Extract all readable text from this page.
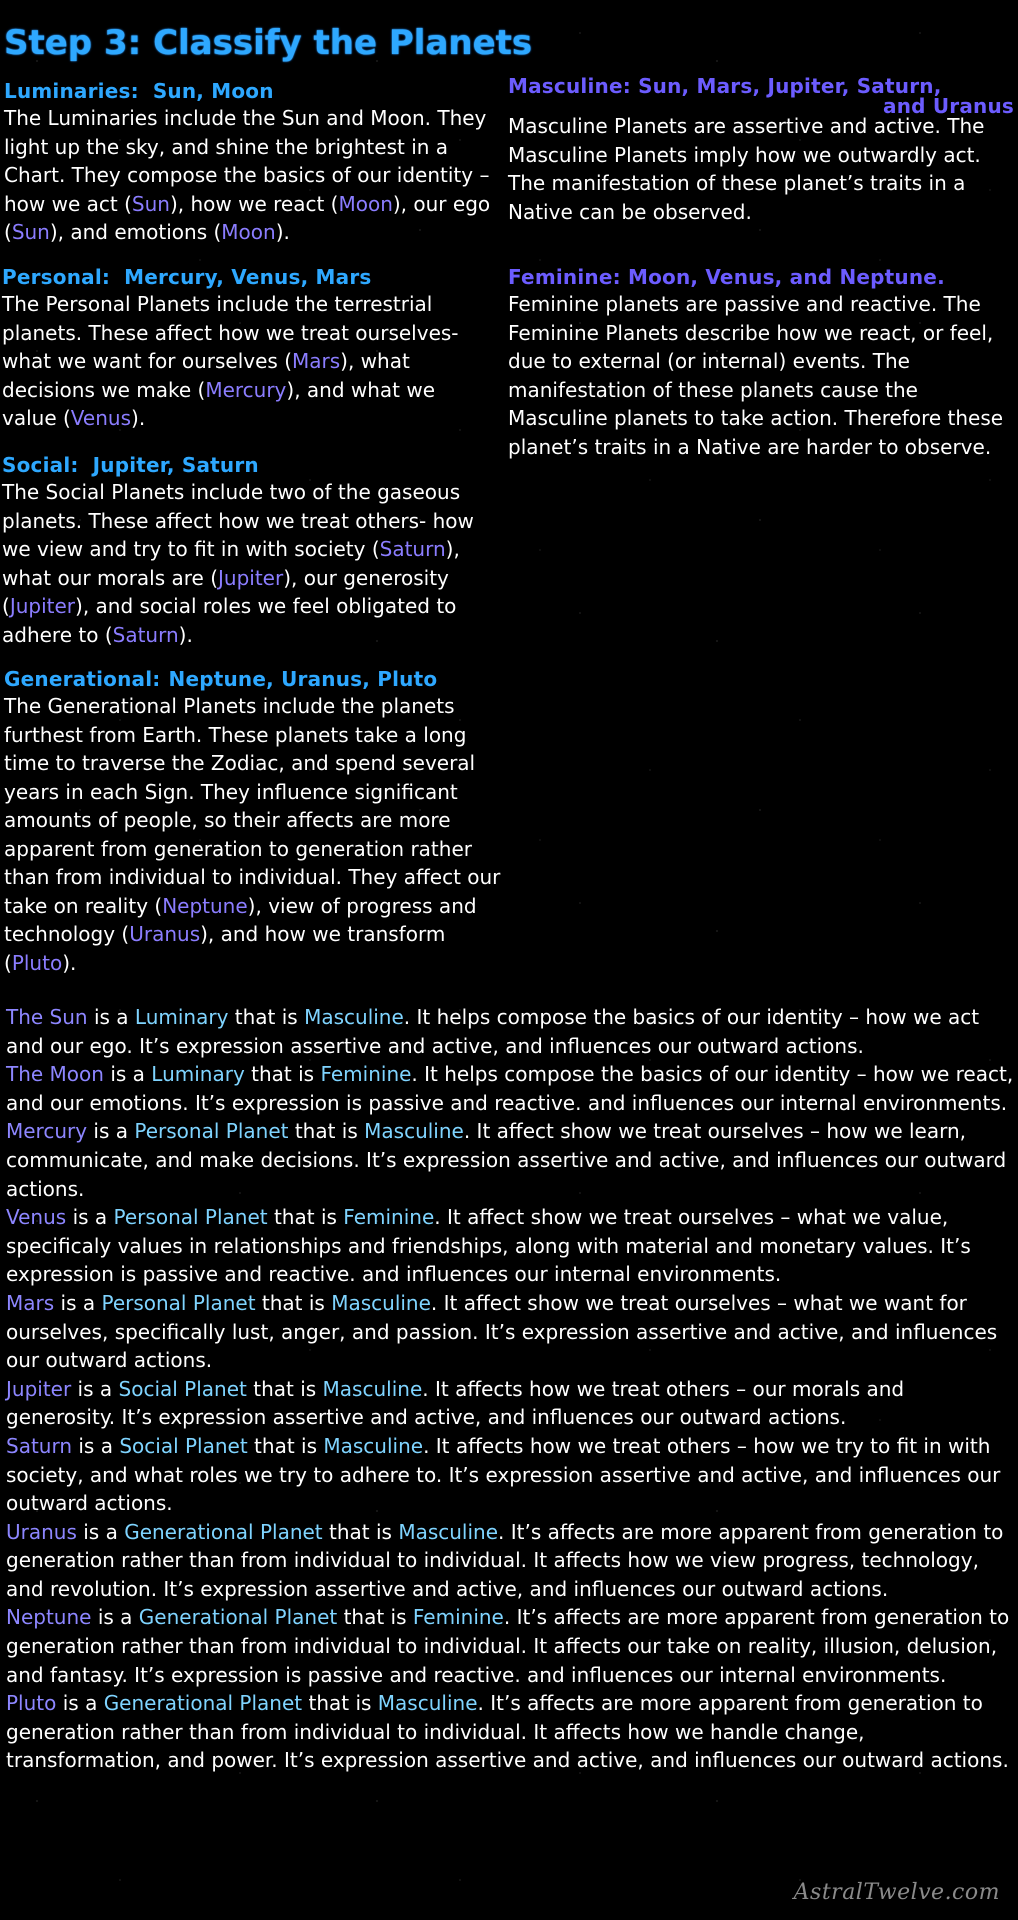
Step 3: Classify the Planets
Luminaries: Sun, Moon

The Luminaries include the Sun and Moon. They light up the sky, and shine the brightest in a Chart. They compose the basics of our identity – how we act (Sun), how we react (Moon), our ego (Sun), and emotions (Moon).

Personal: Mercury, Venus, Mars

The Personal Planets include the terrestrial planets. These affect how we treat ourselves- what we want for ourselves (Mars), what decisions we make (Mercury), and what we value (Venus).

Social: Jupiter, Saturn

The Social Planets include two of the gaseous planets. These affect how we treat others- how we view and try to fit in with society (Saturn), what our morals are (Jupiter), our generosity (Jupiter), and social roles we feel obligated to adhere to (Saturn).

Generational: Neptune, Uranus, Pluto

The Generational Planets include the planets furthest from Earth. These planets take a long time to traverse the Zodiac, and spend several years in each Sign. They influence significant amounts of people, so their affects are more apparent from generation to generation rather than from individual to individual. They affect our take on reality (Neptune), view of progress and technology (Uranus), and how we transform (Pluto).

Masculine: Sun, Mars, Jupiter, Saturn,
and Uranus

Masculine Planets are assertive and active. The Masculine Planets imply how we outwardly act. The manifestation of these planet’s traits in a Native can be observed.

Feminine: Moon, Venus, and Neptune.

Feminine planets are passive and reactive. The Feminine Planets describe how we react, or feel, due to external (or internal) events. The manifestation of these planets cause the Masculine planets to take action. Therefore these planet’s traits in a Native are harder to observe.

The Sun is a Luminary that is Masculine. It helps compose the basics of our identity – how we act and our ego. It’s expression assertive and active, and influences our outward actions.

The Moon is a Luminary that is Feminine. It helps compose the basics of our identity – how we react, and our emotions. It’s expression is passive and reactive. and influences our internal environments.

Mercury is a Personal Planet that is Masculine. It affect show we treat ourselves – how we learn, communicate, and make decisions. It’s expression assertive and active, and influences our outward actions.

Venus is a Personal Planet that is Feminine. It affect show we treat ourselves – what we value, specificaly values in relationships and friendships, along with material and monetary values. It’s expression is passive and reactive. and influences our internal environments.

Mars is a Personal Planet that is Masculine. It affect show we treat ourselves – what we want for ourselves, specifically lust, anger, and passion. It’s expression assertive and active, and influences our outward actions.

Jupiter is a Social Planet that is Masculine. It affects how we treat others – our morals and generosity. It’s expression assertive and active, and influences our outward actions.

Saturn is a Social Planet that is Masculine. It affects how we treat others – how we try to fit in with society, and what roles we try to adhere to. It’s expression assertive and active, and influences our outward actions.

Uranus is a Generational Planet that is Masculine. It’s affects are more apparent from generation to generation rather than from individual to individual. It affects how we view progress, technology, and revolution. It’s expression assertive and active, and influences our outward actions.

Neptune is a Generational Planet that is Feminine. It’s affects are more apparent from generation to generation rather than from individual to individual. It affects our take on reality, illusion, delusion, and fantasy. It’s expression is passive and reactive. and influences our internal environments.

Pluto is a Generational Planet that is Masculine. It’s affects are more apparent from generation to generation rather than from individual to individual. It affects how we handle change, transformation, and power. It’s expression assertive and active, and influences our outward actions.

AstralTwelve.com
